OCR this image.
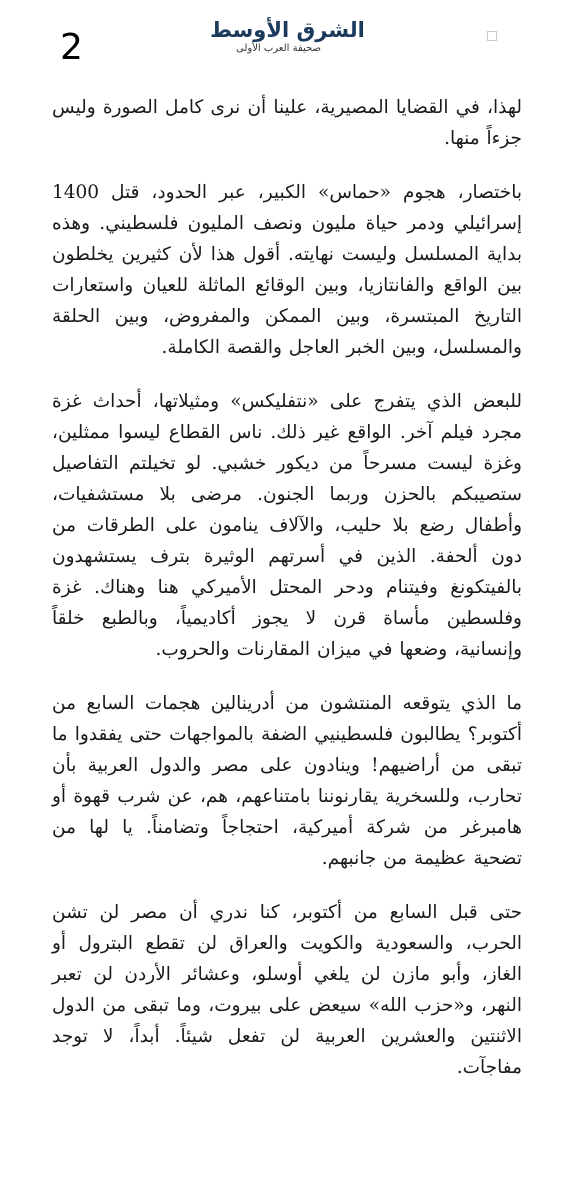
2	الشرق الأوسط
صحيفة العرب الأولى

لهذا، في القضايا المصيرية، علينا أن نرى كامل الصورة وليس جزءاً منها.

باختصار، هجوم «حماس» الكبير، عبر الحدود، قتل 1400 إسرائيلي ودمر حياة مليون ونصف المليون فلسطيني. وهذه بداية المسلسل وليست نهايته. أقول هذا لأن كثيرين يخلطون بين الواقع والفانتازيا، وبين الوقائع الماثلة للعيان واستعارات التاريخ المبتسرة، وبين الممكن والمفروض، وبين الحلقة والمسلسل، وبين الخبر العاجل والقصة الكاملة.

للبعض الذي يتفرج على «نتفليكس» ومثيلاتها، أحداث غزة مجرد فيلم آخر. الواقع غير ذلك. ناس القطاع ليسوا ممثلين، وغزة ليست مسرحاً من ديكور خشبي. لو تخيلتم التفاصيل ستصيبكم بالحزن وربما الجنون. مرضى بلا مستشفيات، وأطفال رضع بلا حليب، والآلاف ينامون على الطرقات من دون ألحفة. الذين في أسرتهم الوثيرة بترف يستشهدون بالفيتكونغ وفيتنام ودحر المحتل الأميركي هنا وهناك. غزة وفلسطين مأساة قرن لا يجوز أكاديمياً، وبالطبع خلقاً وإنسانية، وضعها في ميزان المقارنات والحروب.

ما الذي يتوقعه المنتشون من أدرينالين هجمات السابع من أكتوبر؟ يطالبون فلسطينيي الضفة بالمواجهات حتى يفقدوا ما تبقى من أراضيهم! وينادون على مصر والدول العربية بأن تحارب، وللسخرية يقارنوننا بامتناعهم، هم، عن شرب قهوة أو هامبرغر من شركة أميركية، احتجاجاً وتضامناً. يا لها من تضحية عظيمة من جانبهم.

حتى قبل السابع من أكتوبر، كنا ندري أن مصر لن تشن الحرب، والسعودية والكويت والعراق لن تقطع البترول أو الغاز، وأبو مازن لن يلغي أوسلو، وعشائر الأردن لن تعبر النهر، و«حزب الله» سيعض على بيروت، وما تبقى من الدول الاثنتين والعشرين العربية لن تفعل شيئاً. أبداً، لا توجد مفاجآت.
